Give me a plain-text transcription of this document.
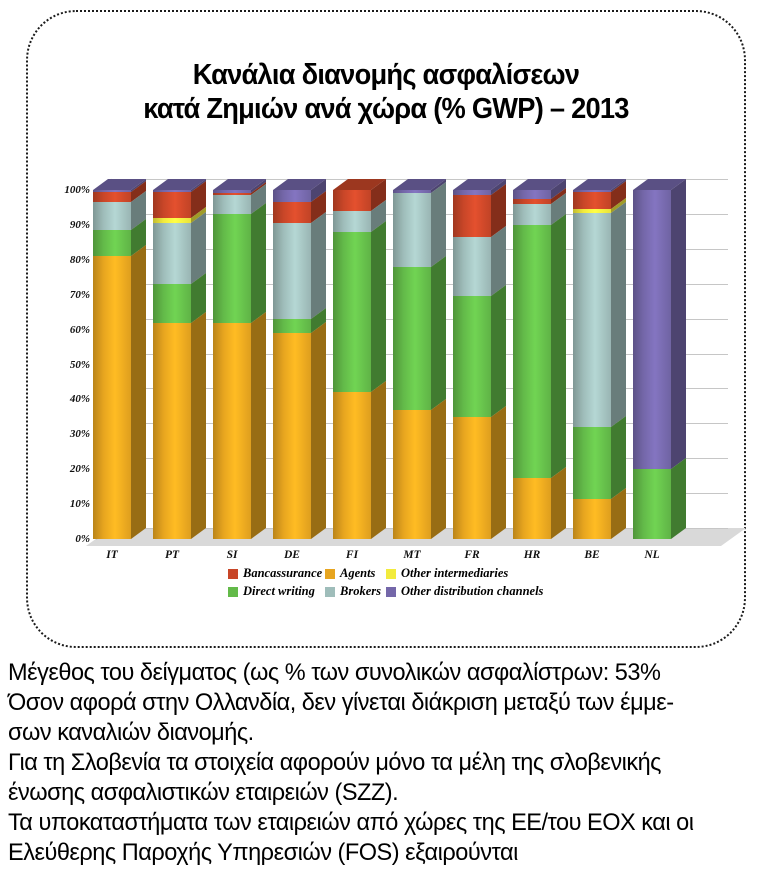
Κανάλια διανομής ασφαλίσεων
κατά Ζημιών ανά χώρα (% GWP) – 2013
0%
10%
20%
30%
40%
50%
60%
70%
80%
90%
100%
IT	PT	SI	DE	FI	MT	FR	HR	BE	NL
Bancassurance Agents Other intermediaries
Direct writing Brokers Other distribution channels
Μέγεθος του δείγματος (ως % των συνολικών ασφαλίστρων: 53%
Όσον αφορά στην Ολλανδία, δεν γίνεται διάκριση μεταξύ των έμμε-
σων καναλιών διανομής.
Για τη Σλοβενία τα στοιχεία αφορούν μόνο τα μέλη της σλοβενικής
ένωσης ασφαλιστικών εταιρειών (SZZ).
Τα υποκαταστήματα των εταιρειών από χώρες της ΕΕ/του ΕΟΧ και οι
Ελεύθερης Παροχής Υπηρεσιών (FOS) εξαιρούνται
